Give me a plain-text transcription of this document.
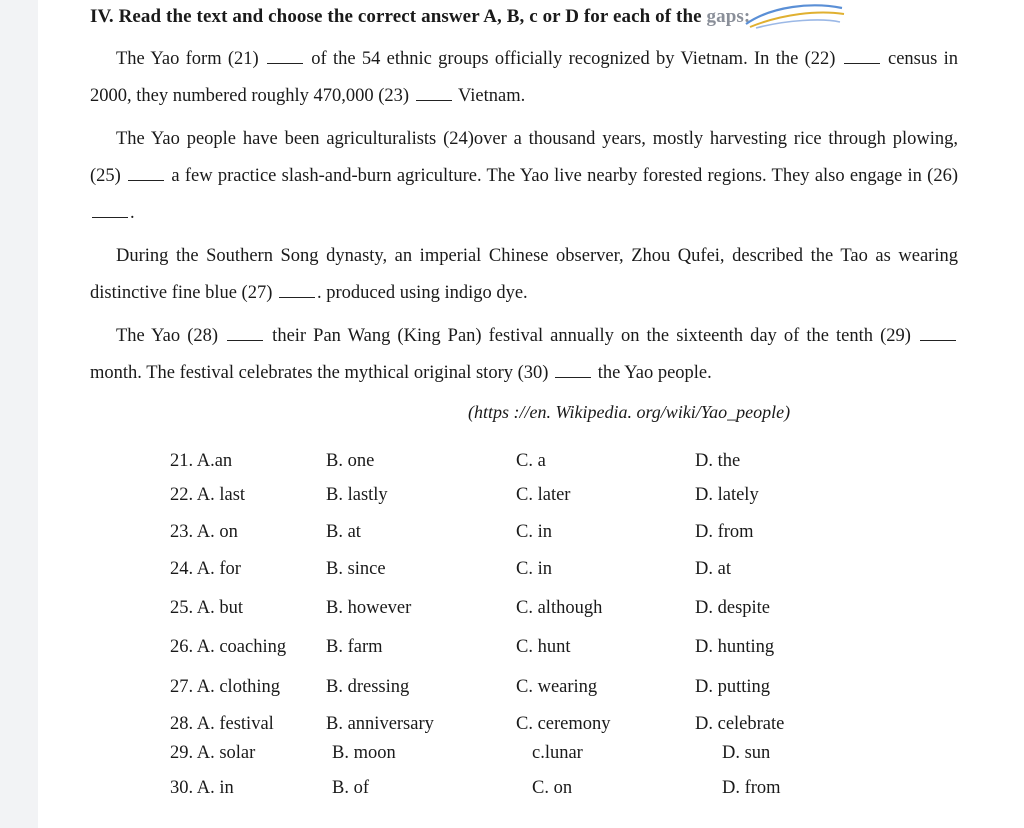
IV. Read the text and choose the correct answer A, B, c or D for each of the gaps:
The Yao form (21)  of the 54 ethnic groups officially recognized by Vietnam. In the (22)  census in 2000, they numbered roughly 470,000 (23)  Vietnam.
The Yao people have been agriculturalists (24)over a thousand years, mostly harvesting rice through plowing, (25)  a few practice slash-and-burn agriculture. The Yao live nearby forested regions. They also engage in (26) .
During the Southern Song dynasty, an imperial Chinese observer, Zhou Qufei, described the Tao as wearing distinctive fine blue (27) . produced using indigo dye.
The Yao (28)  their Pan Wang (King Pan) festival annually on the sixteenth day of the tenth (29)  month. The festival celebrates the mythical original story (30)  the Yao people.
(https ://en. Wikipedia. org/wiki/Yao_people)
21. A.an	B. one	C. a	D. the
22. A. last	B. lastly	C. later	D. lately
23. A. on	B. at	C. in	D. from
24. A. for	B. since	C. in	D. at
25. A. but	B. however	C. although	D. despite
26. A. coaching B. farm	C. hunt	D. hunting
27. A. clothing B. dressing	C. wearing	D. putting
28. A. festival	B. anniversary	C. ceremony	D. celebrate
29. A. solar	B. moon	c.lunar	D. sun
30. A. in	B. of	C. on	D. from
